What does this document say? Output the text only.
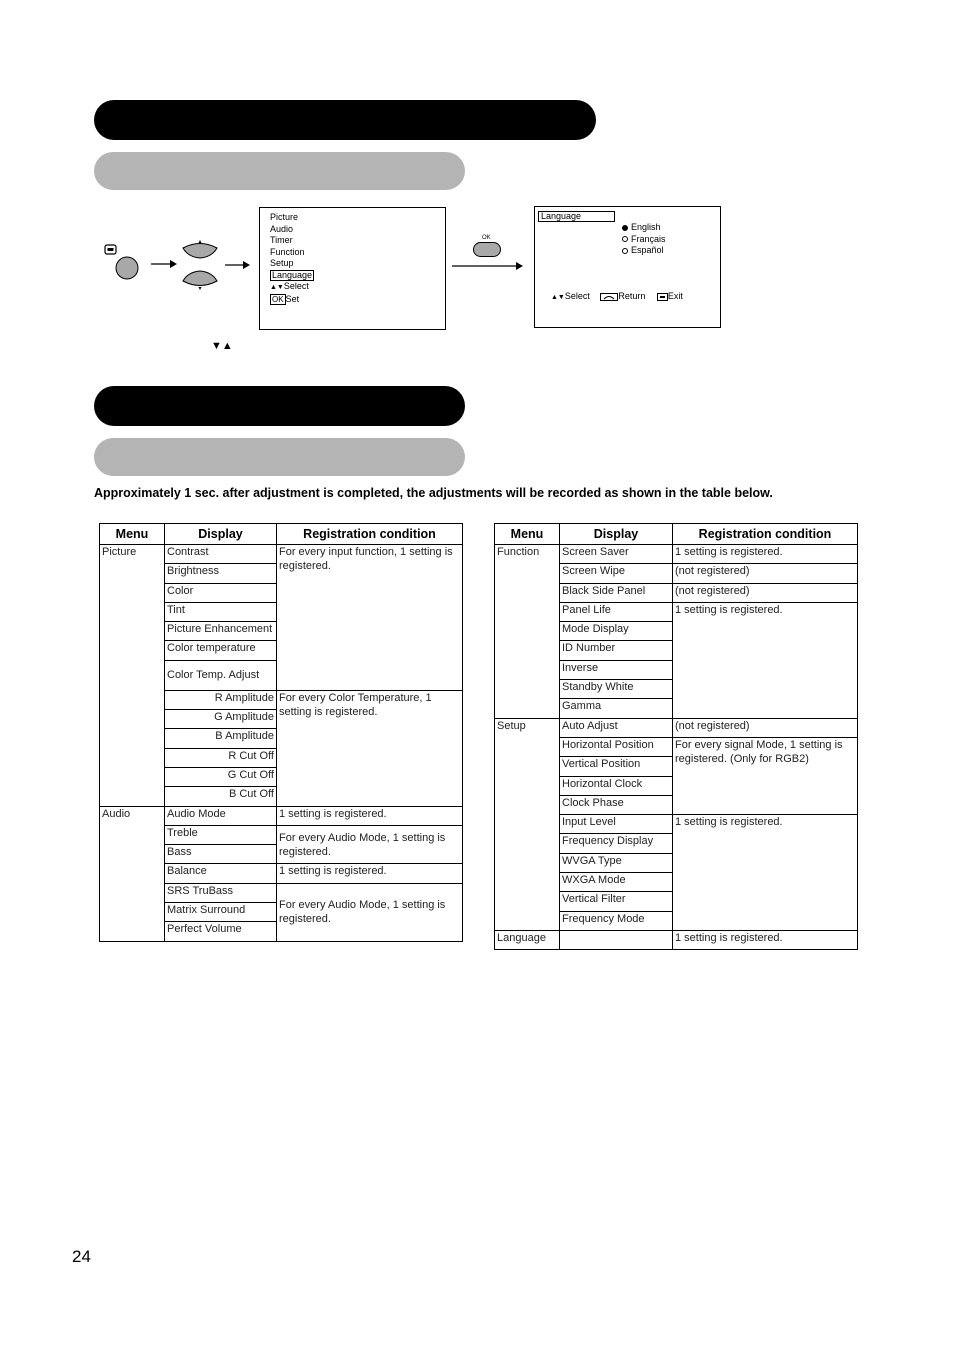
Picture
Audio
Timer
Function
Setup
Language
▲▼Select
OK Set
OK
Language
English
Français
Español
▲▼Select	Return	Exit
▼▲
Approximately 1 sec. after adjustment is completed, the adjustments will be recorded as shown in the table below.
Menu	Display	Registration condition
Picture	Contrast	For every input function, 1 setting is registered.
	Brightness	
	Color	
	Tint	
	Picture Enhancement	
	Color temperature	
	Color Temp. Adjust	
	R Amplitude	For every Color Temperature, 1 setting is registered.
	G Amplitude	
	B Amplitude	
	R Cut Off	
	G Cut Off	
	B Cut Off	
Audio	Audio Mode	1 setting is registered.
	Treble	For every Audio Mode, 1 setting is registered.
	Bass	
	Balance	1 setting is registered.
	SRS TruBass	For every Audio Mode, 1 setting is registered.
	Matrix Surround	
	Perfect Volume	
Menu	Display	Registration condition
Function	Screen Saver	1 setting is registered.
	Screen Wipe	(not registered)
	Black Side Panel	(not registered)
	Panel Life	1 setting is registered.
	Mode Display	
	ID Number	
	Inverse	
	Standby White	
	Gamma	
Setup	Auto Adjust	(not registered)
	Horizontal Position	For every signal Mode, 1 setting is registered. (Only for RGB2)
	Vertical Position	
	Horizontal Clock	
	Clock Phase	
	Input Level	1 setting is registered.
	Frequency Display	
	WVGA Type	
	WXGA Mode	
	Vertical Filter	
	Frequency Mode	
Language		1 setting is registered.
24
